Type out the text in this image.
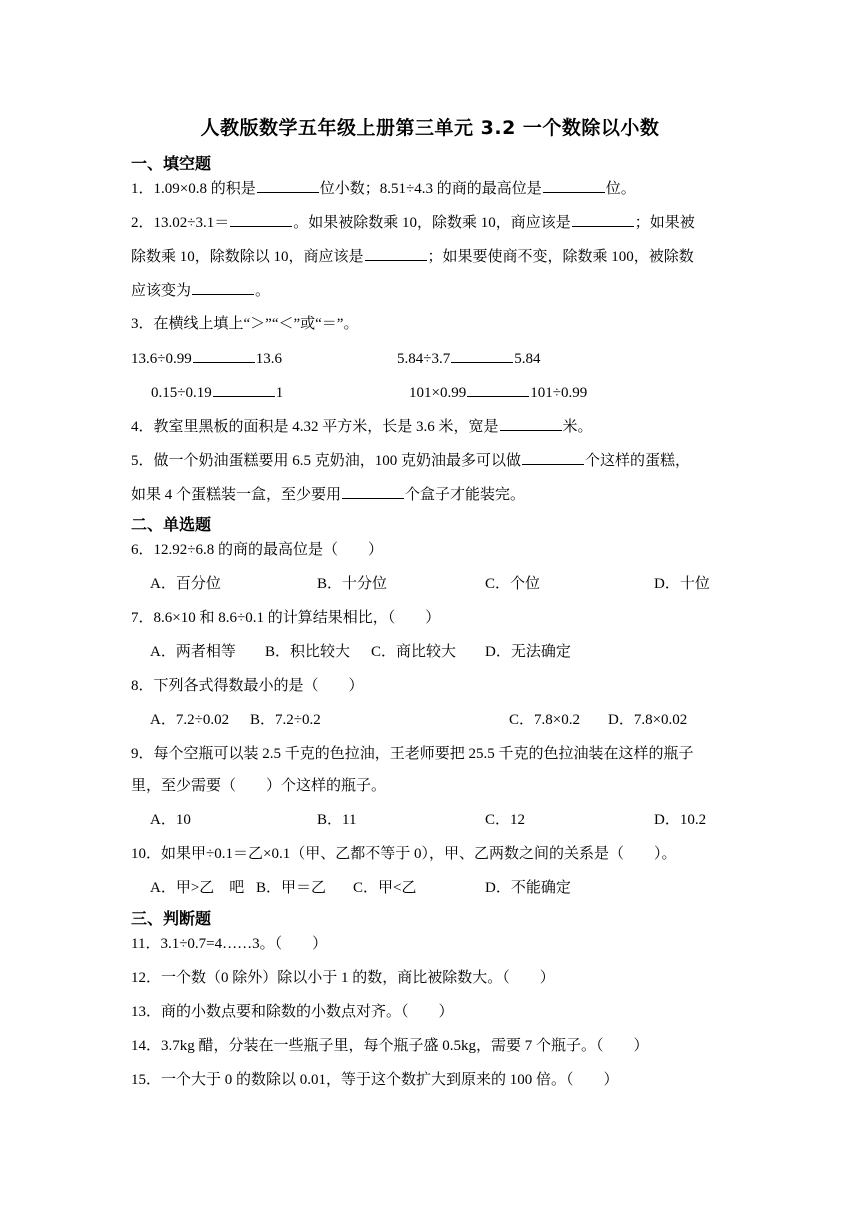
人教版数学五年级上册第三单元 3.2 一个数除以小数
一、填空题
1．1.09×0.8 的积是	位小数；8.51÷4.3 的商的最高位是	位。
2．13.02÷3.1＝	。如果被除数乘 10，除数乘 10，商应该是	；如果被
除数乘 10，除数除以 10，商应该是	；如果要使商不变，除数乘 100，被除数
应该变为	。
3．在横线上填上“＞”“＜”或“＝”。
13.6÷0.99	13.6	5.84÷3.7	5.84
0.15÷0.19	1	101×0.99	101÷0.99
4．教室里黑板的面积是 4.32 平方米，长是 3.6 米，宽是	米。
5．做一个奶油蛋糕要用 6.5 克奶油，100 克奶油最多可以做	个这样的蛋糕，
如果 4 个蛋糕装一盒，至少要用	个盒子才能装完。
二、单选题
6．12.92÷6.8 的商的最高位是（　　）
A．百分位	B．十分位	C．个位	D．十位
7．8.6×10 和 8.6÷0.1 的计算结果相比，（　　）
A．两者相等 B．积比较大 C．商比较大 D．无法确定
8．下列各式得数最小的是（　　）
A．7.2÷0.02 B．7.2÷0.2	C．7.8×0.2 D．7.8×0.02
9．每个空瓶可以装 2.5 千克的色拉油，王老师要把 25.5 千克的色拉油装在这样的瓶子
里，至少需要（　　）个这样的瓶子。
A．10	B．11	C．12	D．10.2
10．如果甲÷0.1＝乙×0.1（甲、乙都不等于 0），甲、乙两数之间的关系是（　　）。
A．甲>乙　吧 B．甲＝乙 C．甲<乙	D．不能确定
三、判断题
11．3.1÷0.7=4……3。（　　）
12．一个数（0 除外）除以小于 1 的数，商比被除数大。（　　）
13．商的小数点要和除数的小数点对齐。（　　）
14．3.7kg 醋，分装在一些瓶子里，每个瓶子盛 0.5kg，需要 7 个瓶子。（　　）
15．一个大于 0 的数除以 0.01，等于这个数扩大到原来的 100 倍。（　　）
